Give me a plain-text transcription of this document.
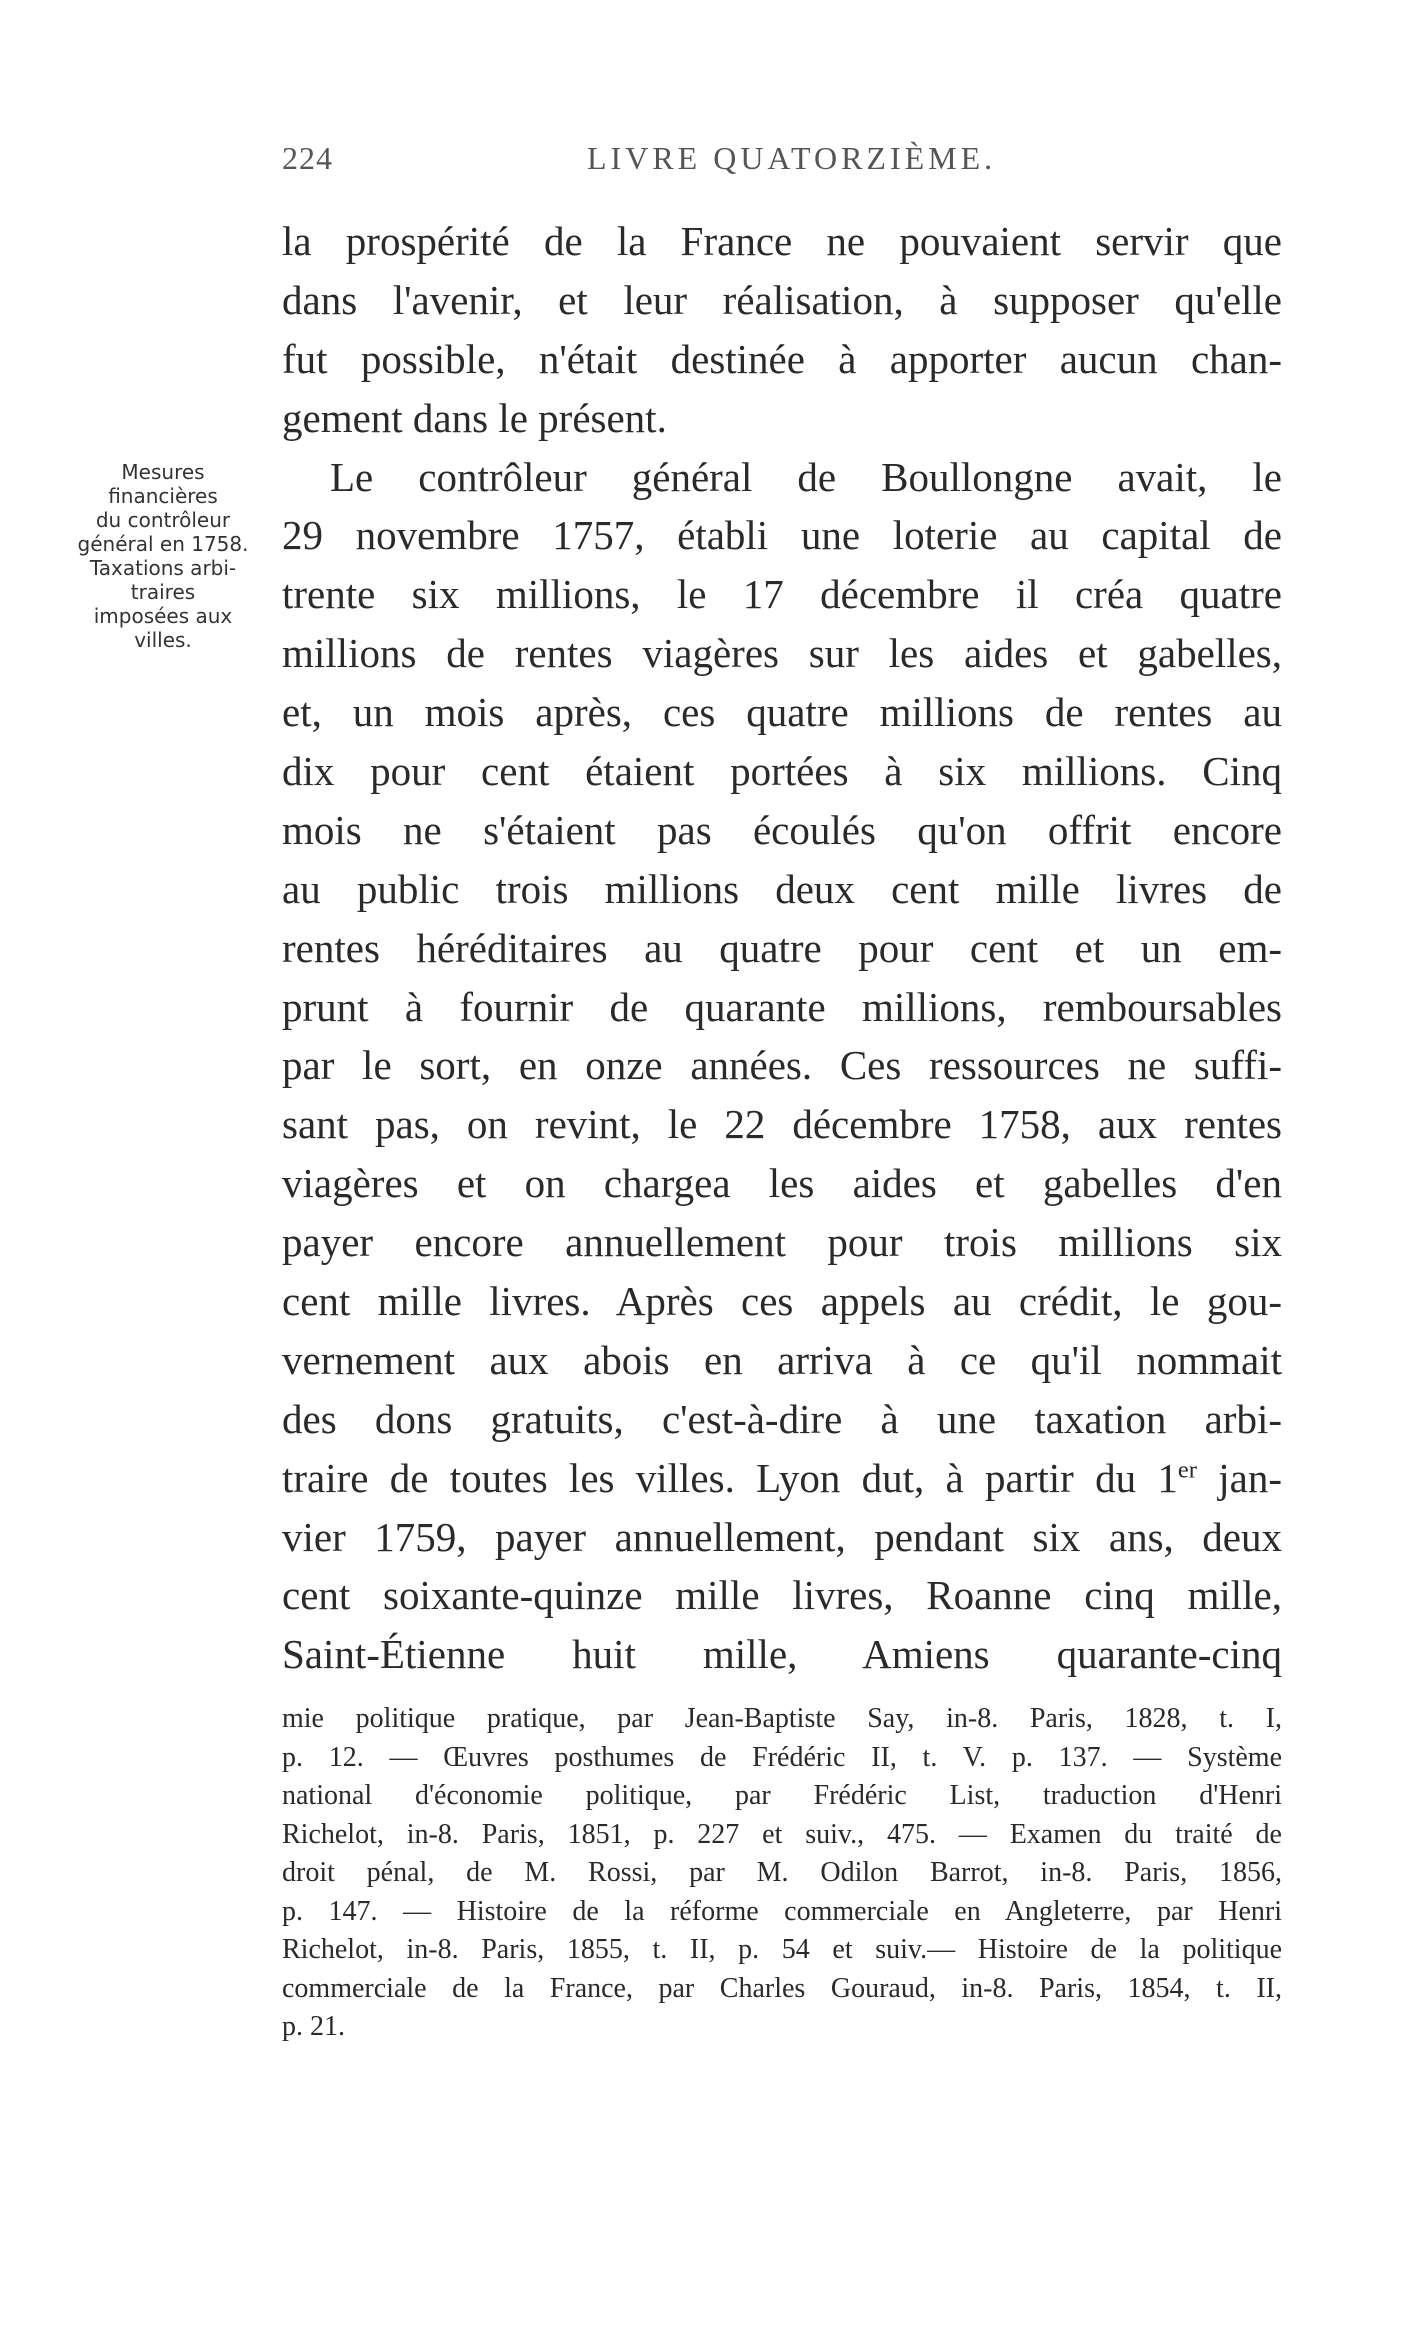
224	LIVRE QUATORZIÈME.
Mesures
financières
du contrôleur
général en 1758.
Taxations arbi-
traires
imposées aux
villes.
la prospérité de la France ne pouvaient servir que
dans l'avenir, et leur réalisation, à supposer qu'elle
fut possible, n'était destinée à apporter aucun chan-
gement dans le présent.
Le contrôleur général de Boullongne avait, le
29 novembre 1757, établi une loterie au capital de
trente six millions, le 17 décembre il créa quatre
millions de rentes viagères sur les aides et gabelles,
et, un mois après, ces quatre millions de rentes au
dix pour cent étaient portées à six millions. Cinq
mois ne s'étaient pas écoulés qu'on offrit encore
au public trois millions deux cent mille livres de
rentes héréditaires au quatre pour cent et un em-
prunt à fournir de quarante millions, remboursables
par le sort, en onze années. Ces ressources ne suffi-
sant pas, on revint, le 22 décembre 1758, aux rentes
viagères et on chargea les aides et gabelles d'en
payer encore annuellement pour trois millions six
cent mille livres. Après ces appels au crédit, le gou-
vernement aux abois en arriva à ce qu'il nommait
des dons gratuits, c'est-à-dire à une taxation arbi-
traire de toutes les villes. Lyon dut, à partir du 1er jan-
vier 1759, payer annuellement, pendant six ans, deux
cent soixante-quinze mille livres, Roanne cinq mille,
Saint-Étienne huit mille, Amiens quarante-cinq
mie politique pratique, par Jean-Baptiste Say, in-8. Paris, 1828, t. I,
p. 12. — Œuvres posthumes de Frédéric II, t. V. p. 137. — Système
national d'économie politique, par Frédéric List, traduction d'Henri
Richelot, in-8. Paris, 1851, p. 227 et suiv., 475. — Examen du traité de
droit pénal, de M. Rossi, par M. Odilon Barrot, in-8. Paris, 1856,
p. 147. — Histoire de la réforme commerciale en Angleterre, par Henri
Richelot, in-8. Paris, 1855, t. II, p. 54 et suiv.— Histoire de la politique
commerciale de la France, par Charles Gouraud, in-8. Paris, 1854, t. II,
p. 21.
